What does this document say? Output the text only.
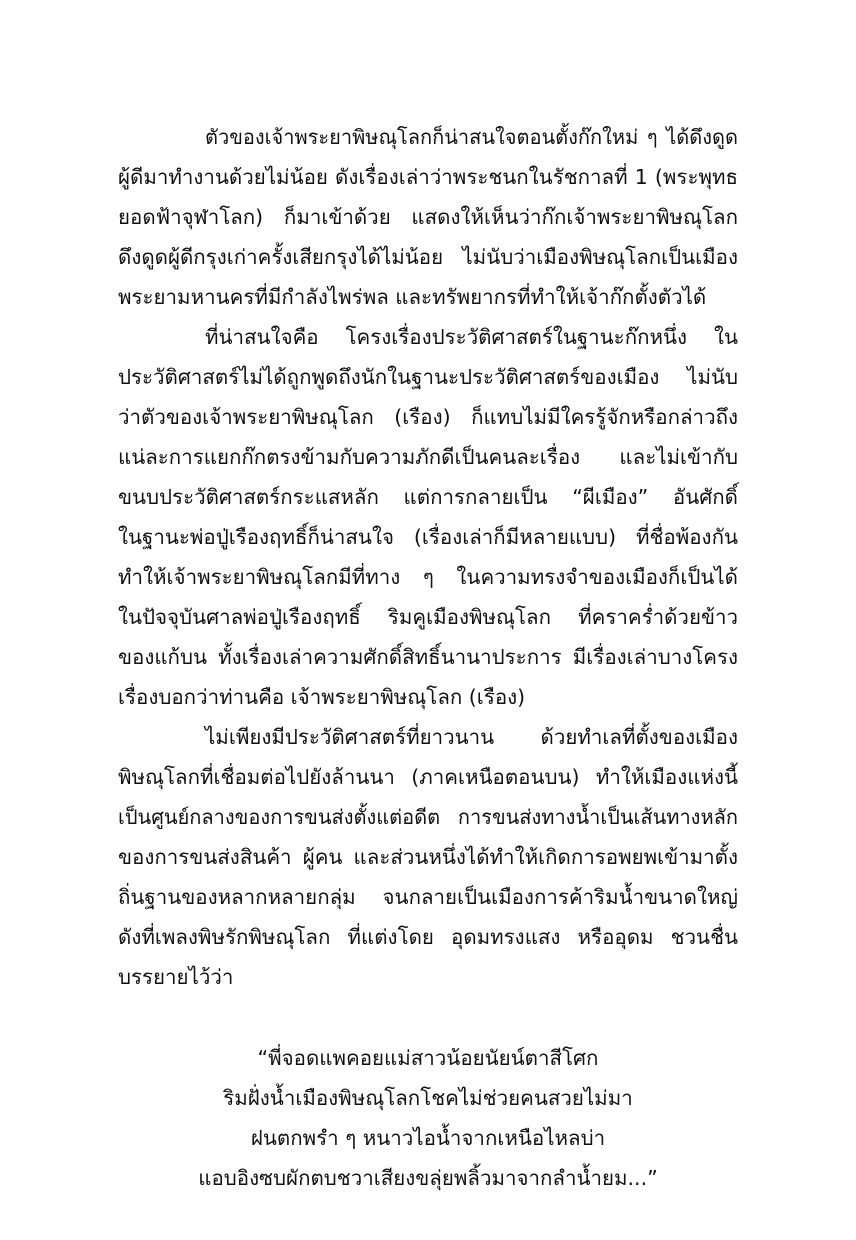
ตัวของเจ้าพระยาพิษณุโลกก็น่าสนใจตอนตั้งก๊กใหม่ ๆ ได้ดึงดูด
ผู้ดีมาทำงานด้วยไม่น้อย ดังเรื่องเล่าว่าพระชนกในรัชกาลที่ 1 (พระพุทธ
ยอดฟ้าจุฬาโลก) ก็มาเข้าด้วย แสดงให้เห็นว่าก๊กเจ้าพระยาพิษณุโลก
ดึงดูดผู้ดีกรุงเก่าครั้งเสียกรุงได้ไม่น้อย ไม่นับว่าเมืองพิษณุโลกเป็นเมือง
พระยามหานครที่มีกำลังไพร่พล และทรัพยากรที่ทำให้เจ้าก๊กตั้งตัวได้
ที่น่าสนใจคือ โครงเรื่องประวัติศาสตร์ในฐานะก๊กหนึ่ง ใน
ประวัติศาสตร์ไม่ได้ถูกพูดถึงนักในฐานะประวัติศาสตร์ของเมือง ไม่นับ
ว่าตัวของเจ้าพระยาพิษณุโลก (เรือง) ก็แทบไม่มีใครรู้จักหรือกล่าวถึง
แน่ละการแยกก๊กตรงข้ามกับความภักดีเป็นคนละเรื่อง และไม่เข้ากับ
ขนบประวัติศาสตร์กระแสหลัก แต่การกลายเป็น “ผีเมือง” อันศักดิ์
ในฐานะพ่อปู่เรืองฤทธิ์ก็น่าสนใจ (เรื่องเล่าก็มีหลายแบบ) ที่ชื่อพ้องกัน
ทำให้เจ้าพระยาพิษณุโลกมีที่ทาง ๆ ในความทรงจำของเมืองก็เป็นได้
ในปัจจุบันศาลพ่อปู่เรืองฤทธิ์ ริมคูเมืองพิษณุโลก ที่คราคร่ำด้วยข้าว
ของแก้บน ทั้งเรื่องเล่าความศักดิ์สิทธิ์นานาประการ มีเรื่องเล่าบางโครง
เรื่องบอกว่าท่านคือ เจ้าพระยาพิษณุโลก (เรือง)
ไม่เพียงมีประวัติศาสตร์ที่ยาวนาน ด้วยทำเลที่ตั้งของเมือง
พิษณุโลกที่เชื่อมต่อไปยังล้านนา (ภาคเหนือตอนบน) ทำให้เมืองแห่งนี้
เป็นศูนย์กลางของการขนส่งตั้งแต่อดีต การขนส่งทางน้ำเป็นเส้นทางหลัก
ของการขนส่งสินค้า ผู้คน และส่วนหนึ่งได้ทำให้เกิดการอพยพเข้ามาตั้ง
ถิ่นฐานของหลากหลายกลุ่ม จนกลายเป็นเมืองการค้าริมน้ำขนาดใหญ่
ดังที่เพลงพิษรักพิษณุโลก ที่แต่งโดย อุดมทรงแสง หรืออุดม ชวนชื่น
บรรยายไว้ว่า
“พี่จอดแพคอยแม่สาวน้อยนัยน์ตาสีโศก
ริมฝั่งน้ำเมืองพิษณุโลกโชคไม่ช่วยคนสวยไม่มา
ฝนตกพรำ ๆ หนาวไอน้ำจากเหนือไหลบ่า
แอบอิงซบผักตบชวาเสียงขลุ่ยพลิ้วมาจากลำน้ำยม...”
